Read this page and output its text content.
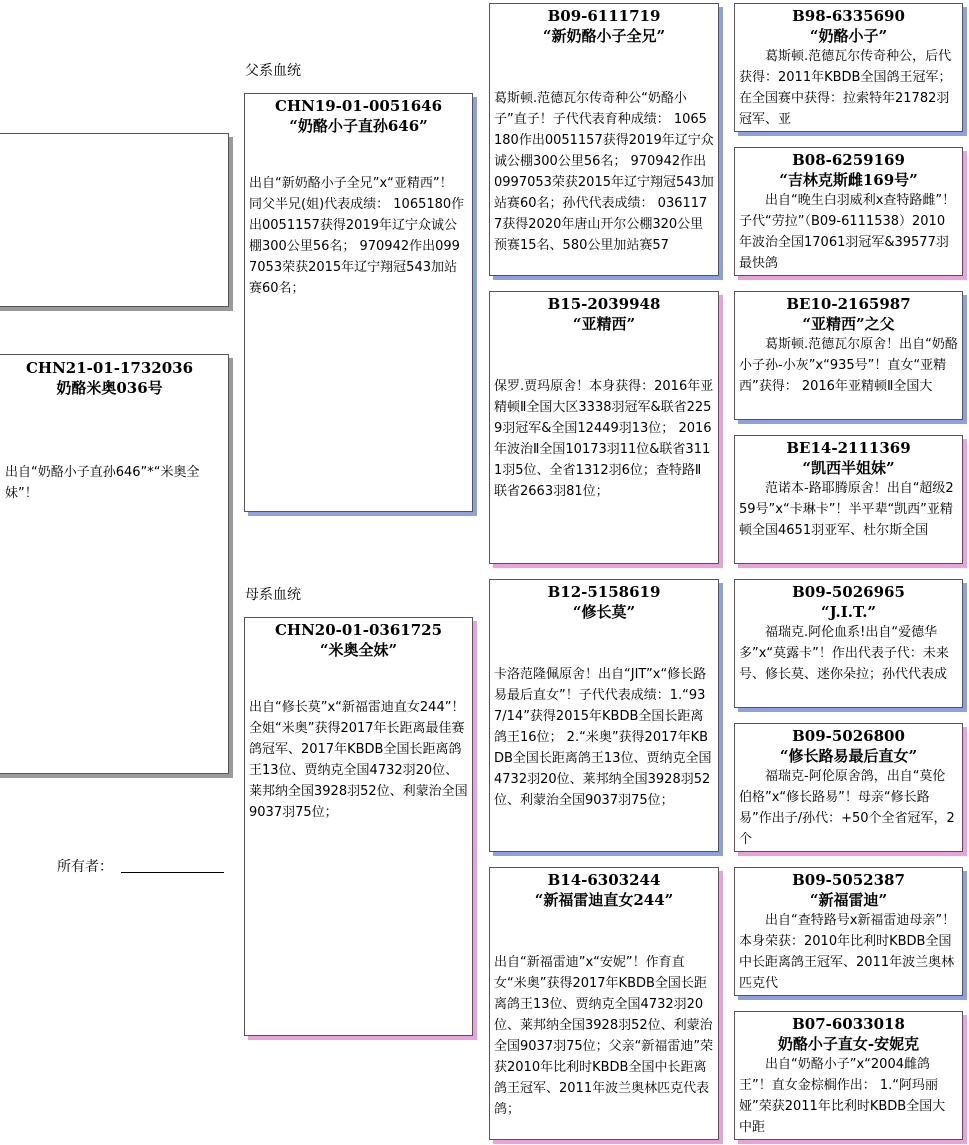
父系血统
母系血统
所有者：
CHN21-01-1732036
奶酪米奥036号
出自“奶酪小子直孙646”*“米奥全妹”！
CHN19-01-0051646
“奶酪小子直孙646”
出自“新奶酪小子全兄”x“亚精西”！ 同父半兄(姐)代表成绩： 1065180作出0051157获得2019年辽宁众诚公棚300公里56名； 970942作出0997053荣获2015年辽宁翔冠543加站赛60名；
CHN20-01-0361725
“米奥全妹”
出自“修长莫”x“新福雷迪直女244”！ 全姐“米奥”获得2017年长距离最佳赛鸽冠军、2017年KBDB全国长距离鸽王13位、贾纳克全国4732羽20位、莱邦纳全国3928羽52位、利蒙治全国9037羽75位；
B09-6111719
“新奶酪小子全兄”
葛斯顿.范德瓦尔传奇种公“奶酪小子”直子！子代代表育种成绩： 1065180作出0051157获得2019年辽宁众诚公棚300公里56名； 970942作出0997053荣获2015年辽宁翔冠543加站赛60名；孙代代表成绩： 0361177获得2020年唐山开尔公棚320公里预赛15名、580公里加站赛57
B15-2039948
“亚精西”
保罗.贾玛原舍！本身获得：2016年亚精顿Ⅱ全国大区3338羽冠军&联省2259羽冠军&全国12449羽13位； 2016年波治Ⅱ全国10173羽11位&联省3111羽5位、全省1312羽6位；查特路Ⅱ联省2663羽81位；
B12-5158619
“修长莫”
卡洛范隆佩原舍！出自“JIT”x“修长路易最后直女”！子代代表成绩：1.“937/14”获得2015年KBDB全国长距离鸽王16位； 2.“米奥”获得2017年KBDB全国长距离鸽王13位、贾纳克全国4732羽20位、莱邦纳全国3928羽52位、利蒙治全国9037羽75位；
B14-6303244
“新福雷迪直女244”
出自“新福雷迪”x“安妮”！作育直女“米奥”获得2017年KBDB全国长距离鸽王13位、贾纳克全国4732羽20位、莱邦纳全国3928羽52位、利蒙治全国9037羽75位；父亲“新福雷迪”荣获2010年比利时KBDB全国中长距离鸽王冠军、2011年波兰奥林匹克代表鸽；
B98-6335690
“奶酪小子”
　　葛斯顿.范德瓦尔传奇种公，后代获得：2011年KBDB全国鸽王冠军；在全国赛中获得：拉索特年21782羽冠军、亚
B08-6259169
“吉林克斯雌169号”
　　出自“晚生白羽威利x查特路雌”！子代“劳拉”（B09-6111538）2010年波治全国17061羽冠军&39577羽最快鸽
BE10-2165987
“亚精西”之父
　　葛斯顿.范德瓦尔原舍！出自“奶酪小子孙-小灰”x“935号”！直女“亚精西”获得： 2016年亚精顿Ⅱ全国大
BE14-2111369
“凯西半姐妹”
　　范诺本-路耶腾原舍！出自“超级259号”x“卡琳卡”！半平辈“凯西”亚精顿全国4651羽亚军、杜尔斯全国
B09-5026965
“J.I.T.”
　　福瑞克.阿伦血系!出自“爱德华多”x“莫露卡”！作出代表子代：未来号、修长莫、迷你朵拉；孙代代表成
B09-5026800
“修长路易最后直女”
　　福瑞克-阿伦原舍鸽，出自“莫伦伯格”x“修长路易”！母亲“修长路易”作出子/孙代：+50个全省冠军，2个
B09-5052387
“新福雷迪”
　　出自“查特路号x新福雷迪母亲”！本身荣获：2010年比利时KBDB全国中长距离鸽王冠军、2011年波兰奥林匹克代
B07-6033018
奶酪小子直女-安妮克
　　出自“奶酪小子”x“2004雌鸽王”！直女金棕榈作出： 1.“阿玛丽娅”荣获2011年比利时KBDB全国大中距
